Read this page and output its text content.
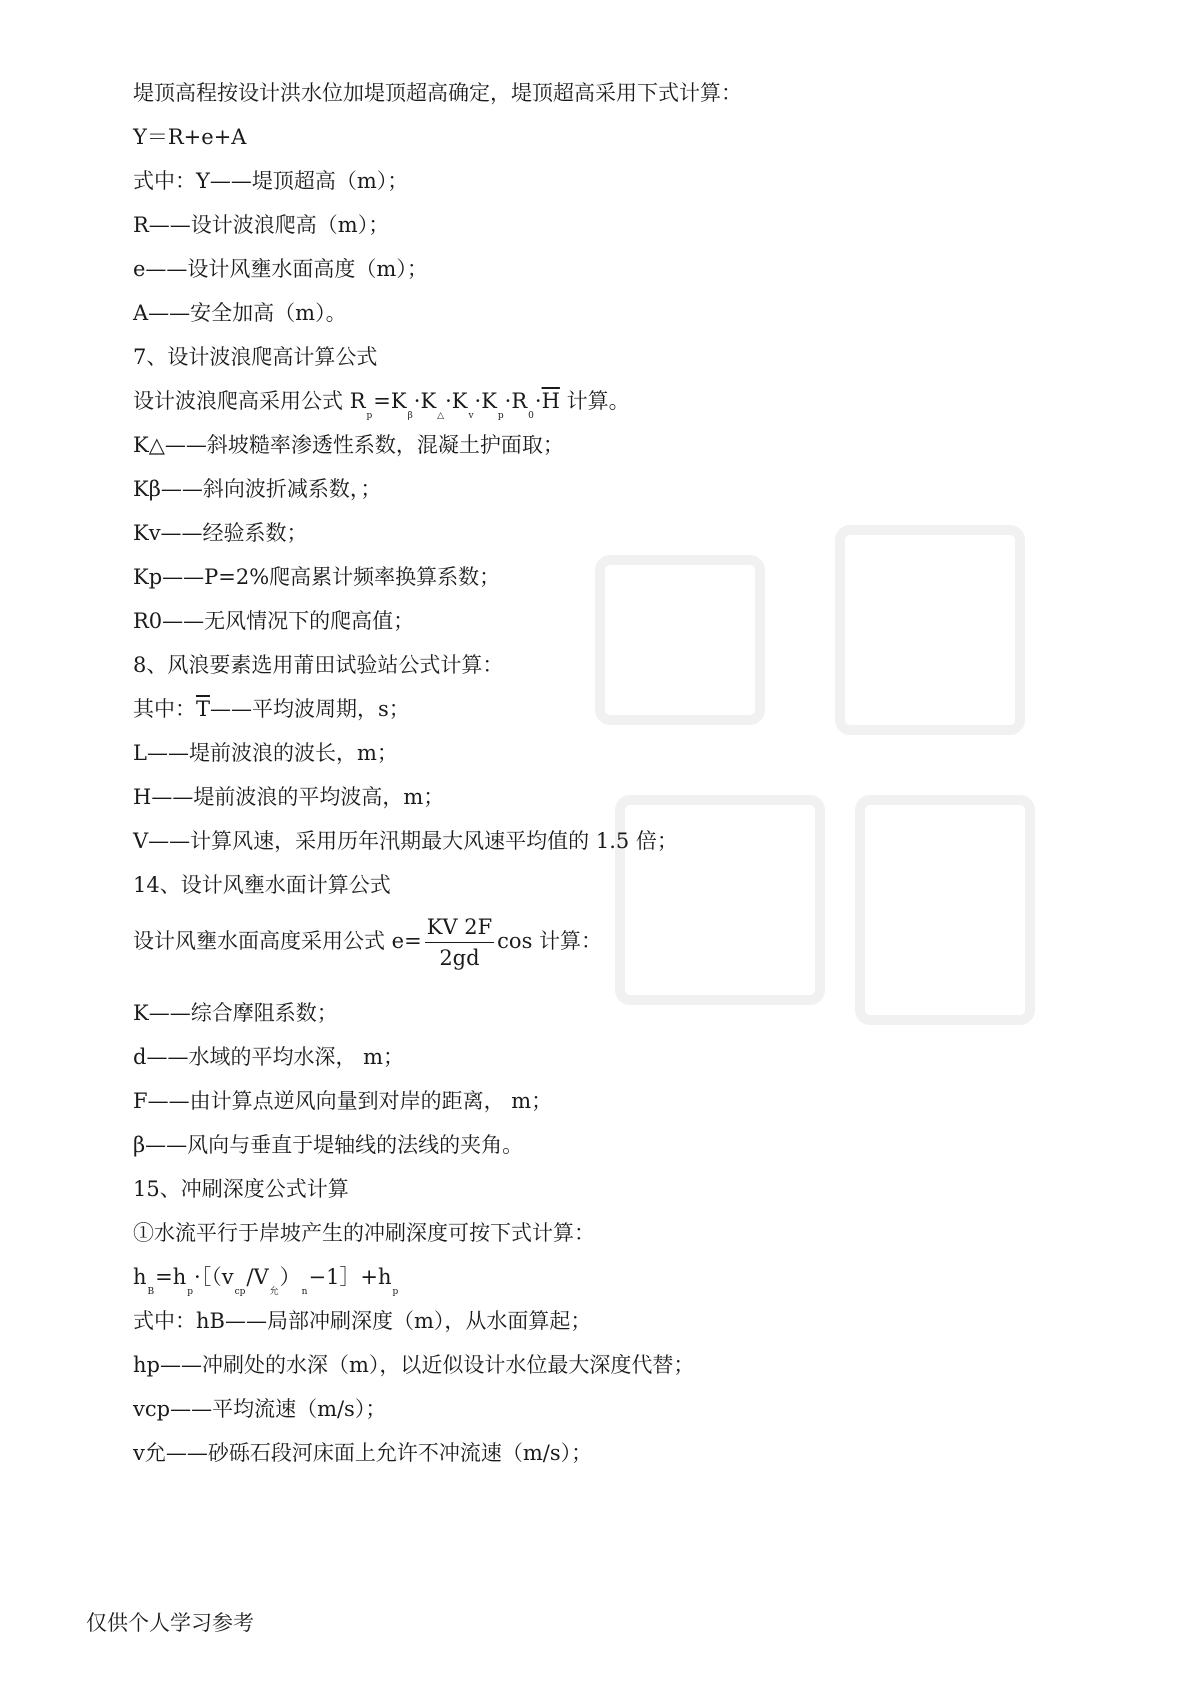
堤顶高程按设计洪水位加堤顶超高确定，堤顶超高采用下式计算：
Y＝R+e+A
式中：Y——堤顶超高（m）；
R——设计波浪爬高（m）；
e——设计风壅水面高度（m）；
A——安全加高（m）。
7、设计波浪爬高计算公式
设计波浪爬高采用公式 $R_p=K_\beta\cdot K_\triangle\cdot K_v\cdot K_p\cdot R_0\cdot\overline{H}$ 计算。
K△——斜坡糙率渗透性系数，混凝土护面取；
Kβ——斜向波折减系数，；
Kv——经验系数；
Kp——P=2%爬高累计频率换算系数；
R0——无风情况下的爬高值；
8、风浪要素选用莆田试验站公式计算：
其中：$\overline{T}——$平均波周期，s；
L——堤前波浪的波长，m；
H——堤前波浪的平均波高，m；
V——计算风速，采用历年汛期最大风速平均值的 1.5 倍；
14、设计风壅水面计算公式
设计风壅水面高度采用公式 $e= \frac{KV 2F}{2gd}$ cos 计算：
K——综合摩阻系数；
d——水域的平均水深， m；
F——由计算点逆风向量到对岸的距离， m；
β——风向与垂直于堤轴线的法线的夹角。
15、冲刷深度公式计算
①水流平行于岸坡产生的冲刷深度可按下式计算：
$h_B=h_p\cdot[(v_{cp}/V_允)_n-1]+h_p$
式中：hB——局部冲刷深度（m），从水面算起；
hp——冲刷处的水深（m），以近似设计水位最大深度代替；
vcp——平均流速（m/s）；
v允——砂砾石段河床面上允许不冲流速（m/s）；
仅供个人学习参考
